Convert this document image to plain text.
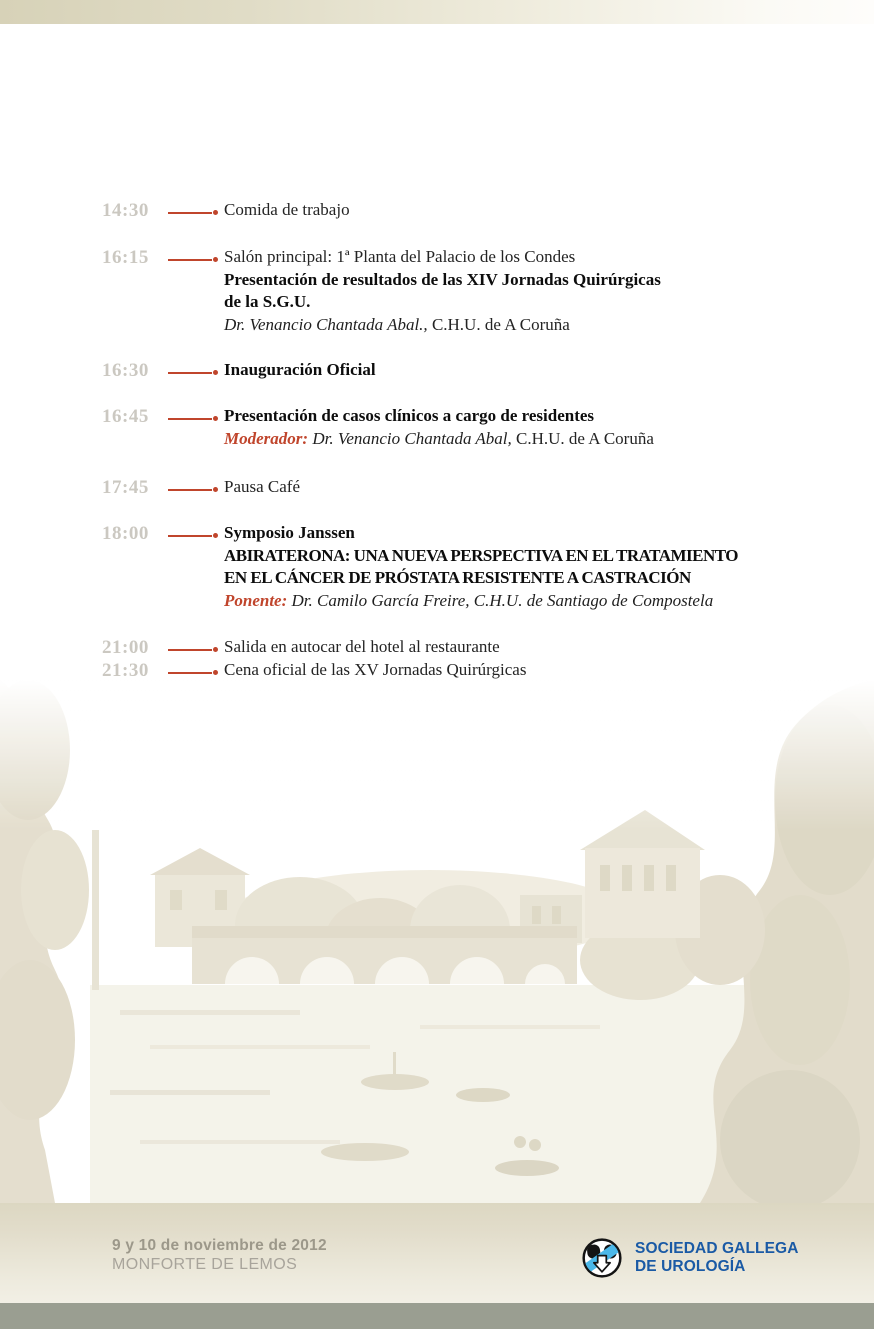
14:30	Comida de trabajo
16:15	Salón principal: 1ª Planta del Palacio de los Condes
Presentación de resultados de las XIV Jornadas Quirúrgicas
de la S.G.U.
Dr. Venancio Chantada Abal., C.H.U. de A Coruña
16:30	Inauguración Oficial
16:45	Presentación de casos clínicos a cargo de residentes
Moderador: Dr. Venancio Chantada Abal, C.H.U. de A Coruña
17:45	Pausa Café
18:00	Symposio Janssen
ABIRATERONA: UNA NUEVA PERSPECTIVA EN EL TRATAMIENTO
EN EL CÁNCER DE PRÓSTATA RESISTENTE A CASTRACIÓN
Ponente: Dr. Camilo García Freire, C.H.U. de Santiago de Compostela
21:00	Salida en autocar del hotel al restaurante
21:30	Cena oficial de las XV Jornadas Quirúrgicas
9 y 10 de noviembre de 2012
MONFORTE DE LEMOS
SOCIEDAD GALLEGA
DE UROLOGÍA
